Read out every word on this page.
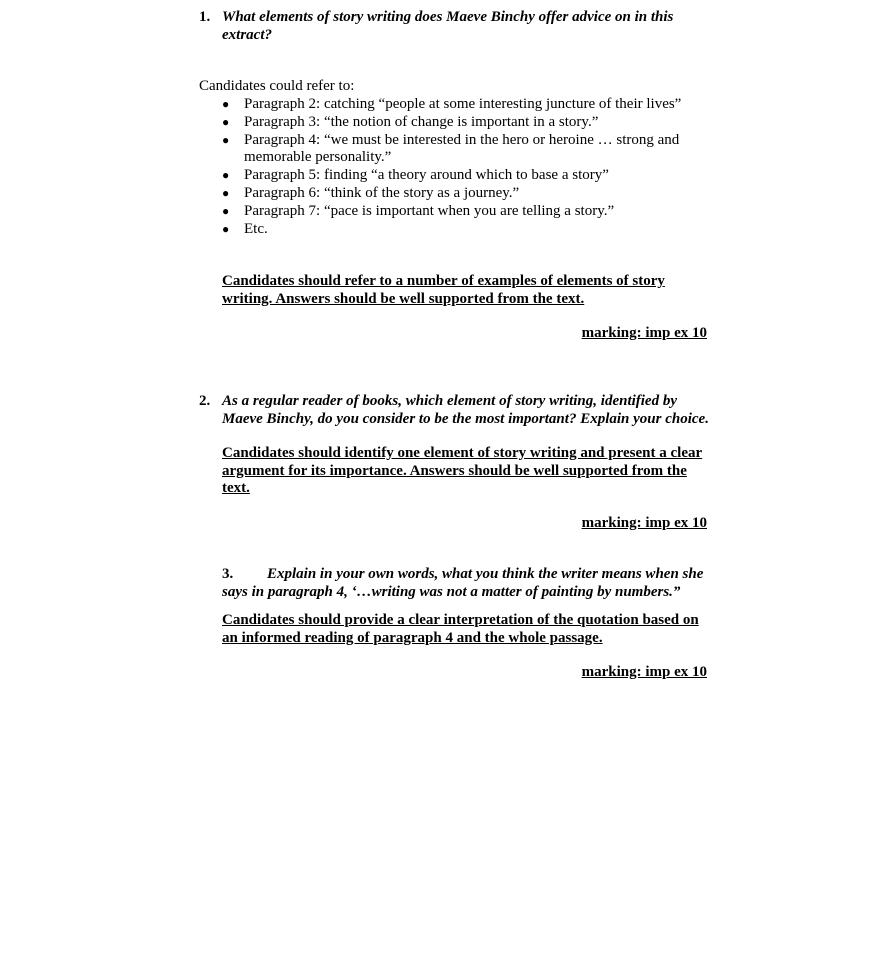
1. What elements of story writing does Maeve Binchy offer advice on in this extract?
Candidates could refer to:
● Paragraph 2: catching “people at some interesting juncture of their lives”
● Paragraph 3: “the notion of change is important in a story.”
● Paragraph 4: “we must be interested in the hero or heroine … strong and memorable personality.”
● Paragraph 5: finding “a theory around which to base a story”
● Paragraph 6: “think of the story as a journey.”
● Paragraph 7: “pace is important when you are telling a story.”
● Etc.
Candidates should refer to a number of examples of elements of story writing. Answers should be well supported from the text.
marking: imp ex 10
2. As a regular reader of books, which element of story writing, identified by Maeve Binchy, do you consider to be the most important? Explain your choice.
Candidates should identify one element of story writing and present a clear argument for its importance. Answers should be well supported from the text.
marking: imp ex 10
3. Explain in your own words, what you think the writer means when she says in paragraph 4, ‘…writing was not a matter of painting by numbers.”
Candidates should provide a clear interpretation of the quotation based on an informed reading of paragraph 4 and the whole passage.
marking: imp ex 10
